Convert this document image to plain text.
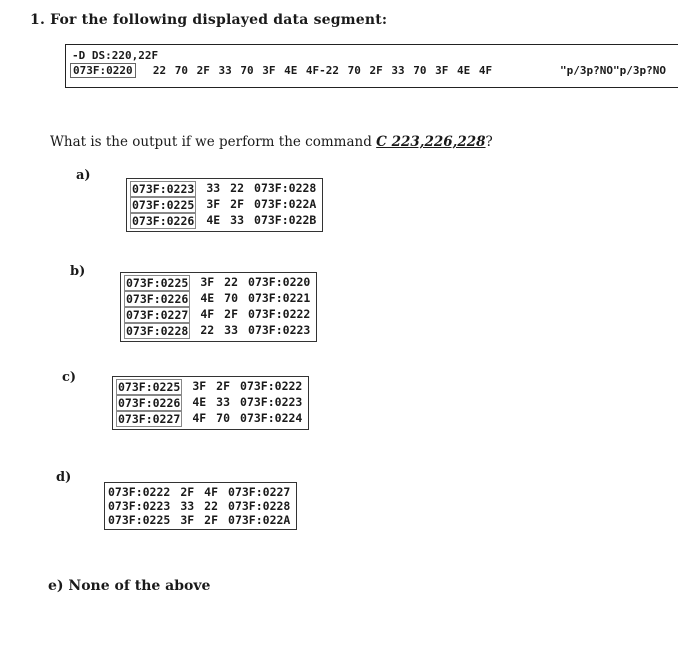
1. For the following displayed data segment:
-D DS:220,22F
073F:0220 22 70 2F 33 70 3F 4E 4F-22 70 2F 33 70 3F 4E 4F	"p/3p?NO"p/3p?NO
What is the output if we perform the command C 223,226,228?
a)
073F:0223 33 22 073F:0228
073F:0225 3F 2F 073F:022A
073F:0226 4E 33 073F:022B
b)
073F:0225 3F 22 073F:0220
073F:0226 4E 70 073F:0221
073F:0227 4F 2F 073F:0222
073F:0228 22 33 073F:0223
c)
073F:0225 3F 2F 073F:0222
073F:0226 4E 33 073F:0223
073F:0227 4F 70 073F:0224
d)
073F:0222 2F 4F 073F:0227
073F:0223 33 22 073F:0228
073F:0225 3F 2F 073F:022A
e) None of the above
